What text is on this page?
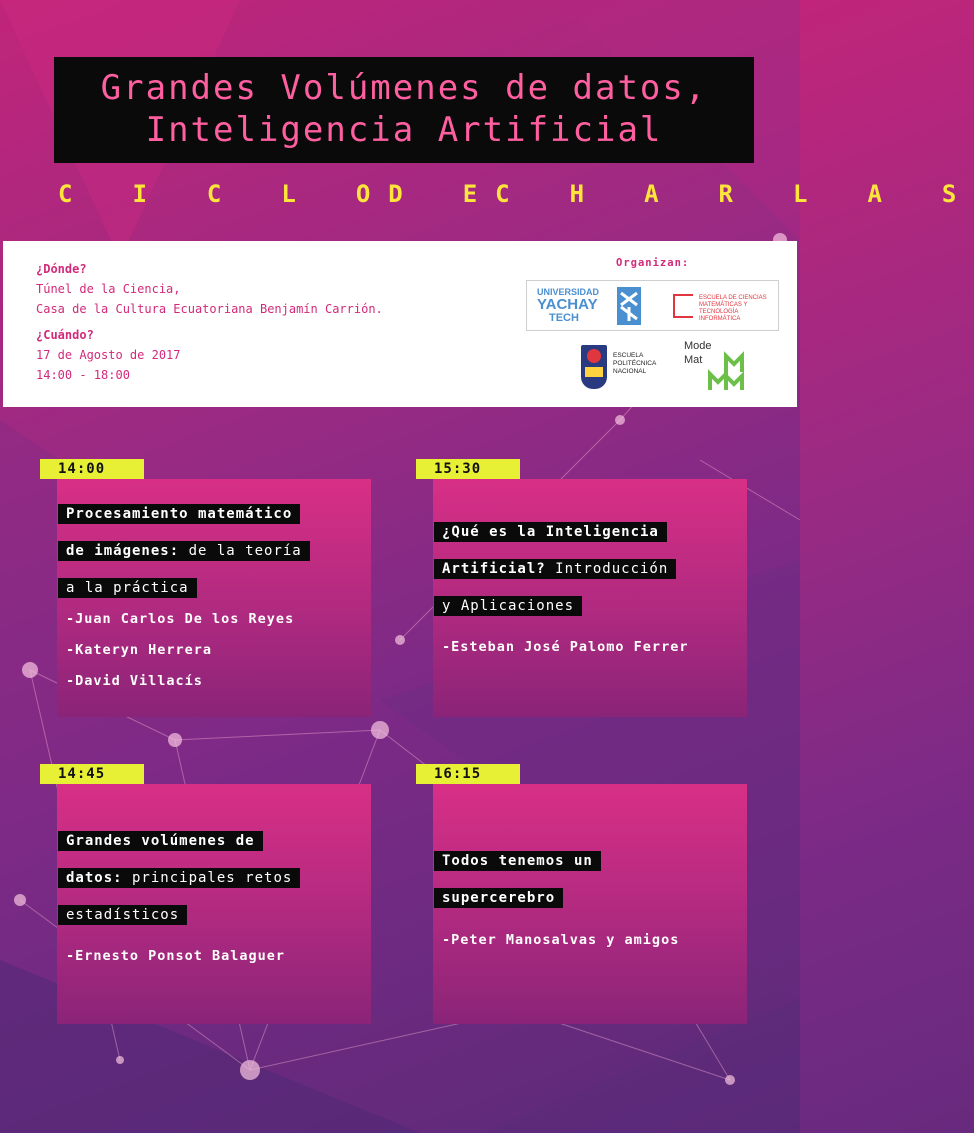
Grandes Volúmenes de datos,
Inteligencia Artificial
C I C L O D E C H A R L A S
¿Dónde?
Túnel de la Ciencia,
Casa de la Cultura Ecuatoriana Benjamín Carrión.
¿Cuándo?
17 de Agosto de 2017
14:00 - 18:00
Organizan:
UNIVERSIDAD
YACHAY
TECH
ESCUELA DE CIENCIAS MATEMÁTICAS Y TECNOLOGÍA INFORMÁTICA
ESCUELA POLITÉCNICA NACIONAL
Mode
Mat
14:00
Procesamiento matemático
de imágenes: de la teoría
a la práctica
-Juan Carlos De los Reyes
-Kateryn Herrera
-David Villacís
15:30
¿Qué es la Inteligencia
Artificial? Introducción
y Aplicaciones
-Esteban José Palomo Ferrer
14:45
Grandes volúmenes de
datos: principales retos
estadísticos
-Ernesto Ponsot Balaguer
16:15
Todos tenemos un
supercerebro
-Peter Manosalvas y amigos
